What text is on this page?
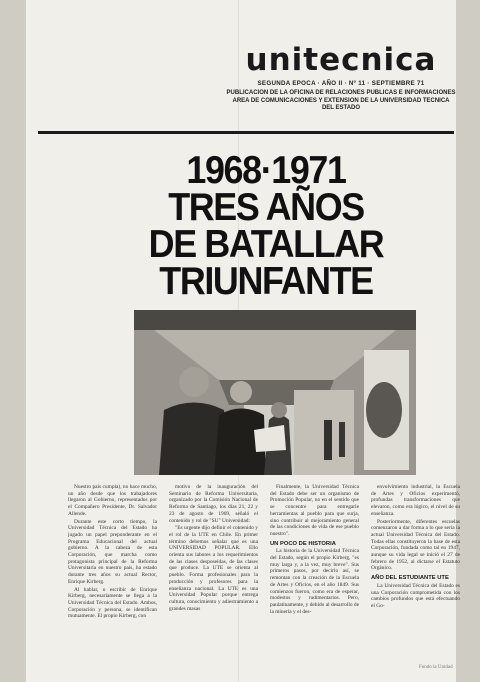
unitecnica
SEGUNDA EPOCA · AÑO II · Nº 11 · SEPTIEMBRE 71
PUBLICACION DE LA OFICINA DE RELACIONES PUBLICAS E INFORMACIONES
AREA DE COMUNICACIONES Y EXTENSION DE LA UNIVERSIDAD TECNICA
DEL ESTADO
1968·1971
TRES AÑOS
DE BATALLAR
TRIUNFANTE

Nuestro país cumpla), no hace mucho, un año desde que los trabajadores llegaron al Gobierno, representados por el Compañero Presidente, Dr. Salvador Allende.

Durante este corto tiempo, la Universidad Técnica del Estado ha jugado un papel preponderante en el Programa Educacional del actual gobierno. A la cabeza de esta Corporación, que marcha como protagonista principal de la Reforma Universitaria en nuestro país, ha estado durante tres años su actual Rector, Enrique Kirberg.

Al hablar, o escribir de Enrique Kirberg, necesariamente se llega a la Universidad Técnica del Estado. Ambos, Corporación y persona, se identifican mutuamente. El propio Kirberg, con

motivo de la inauguración del Seminario de Reforma Universitaria, organizado por la Comisión Nacional de Reforma de Santiago, los días 21, 22 y 23 de agosto de 1969, señaló el contenido y rol de "SU" Universidad:

"Es urgente dijo definir el contenido y el rol de la UTE en Chile. En primer término debemos señalar que es una UNIVERSIDAD POPULAR. Ello orienta sus labores a los requerimientos de las clases desposeídas, de las clases que produce. La UTE se orienta al pueblo. Forma profesionales para la producción y profesores para la enseñanza nacional. La UTE es una Universidad Popular porque entrega cultura, conocimiento y adiestramiento a grandes masas

Finalmente, la Universidad Técnica del Estado debe ser un organismo de Promoción Popular, no en el sentido que se concentre para entregarle herramientas al pueblo para que surja, sino contribuir al mejoramiento general de las condiciones de vida de ese pueblo nuestro".

UN POCO DE HISTORIA

La historia de la Universidad Técnica del Estado, según el propio Kirberg, "es muy larga y, a la vez, muy breve". Sus primeros pasos, por decirlo así, se remontan con la creación de la Escuela de Artes y Oficios, en el año 1849. Sus comienzos fueron, como era de esperar, modestos y rudimentarios. Pero, paulatinamente, y debido al desarrollo de la minería y el des-

envolvimiento industrial, la Escuela de Artes y Oficios experimentó, profundas transformaciones que elevaron, como era lógico, el nivel de su enseñanza.

Posteriormente, diferentes escuelas comenzaron a dar forma a lo que sería la actual Universidad Técnica del Estado. Todas ellas constituyeron la base de esta Corporación, fundada como tal en 1947, aunque su vida legal se inició el 27 de febrero de 1952, al dictarse el Estatuto Orgánico.

AÑO DEL ESTUDIANTE UTE

La Universidad Técnica del Estado es una Corporación comprometida con los cambios profundos que está efectuando el Go-

Fondo la Unidad
